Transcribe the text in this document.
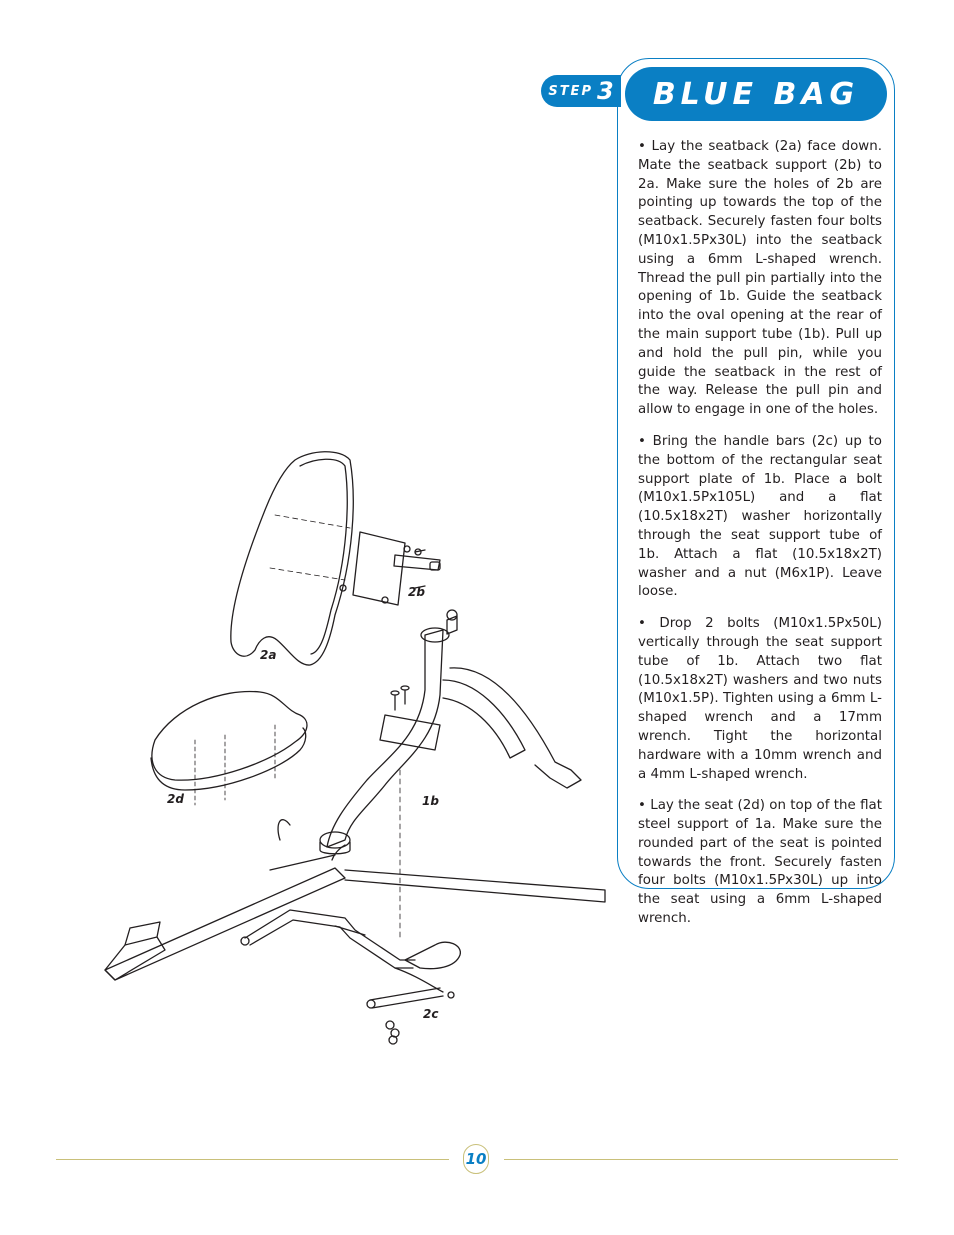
STEP 3	BLUE BAG

• Lay the seatback (2a) face down. Mate the seatback support (2b) to 2a. Make sure the holes of 2b are pointing up towards the top of the seatback. Securely fasten four bolts (M10x1.5Px30L) into the seatback using a 6mm L-shaped wrench. Thread the pull pin partially into the opening of 1b. Guide the seatback into the oval opening at the rear of the main support tube (1b). Pull up and hold the pull pin, while you guide the seatback in the rest of the way. Release the pull pin and allow to engage in one of the holes.

• Bring the handle bars (2c) up to the bottom of the rectangular seat support plate of 1b. Place a bolt (M10x1.5Px105L) and a flat (10.5x18x2T) washer horizontally through the seat support tube of 1b. Attach a flat (10.5x18x2T) washer and a nut (M6x1P). Leave loose.

• Drop 2 bolts (M10x1.5Px50L) vertically through the seat support tube of 1b. Attach two flat (10.5x18x2T) washers and two nuts (M10x1.5P). Tighten using a 6mm L-shaped wrench and a 17mm wrench. Tight the horizontal hardware with a 10mm wrench and a 4mm L-shaped wrench.

• Lay the seat (2d) on top of the flat steel support of 1a. Make sure the rounded part of the seat is pointed towards the front. Securely fasten four bolts (M10x1.5Px30L) up into the seat using a 6mm L-shaped wrench.

2a
2b
2d	1b
2c
10
